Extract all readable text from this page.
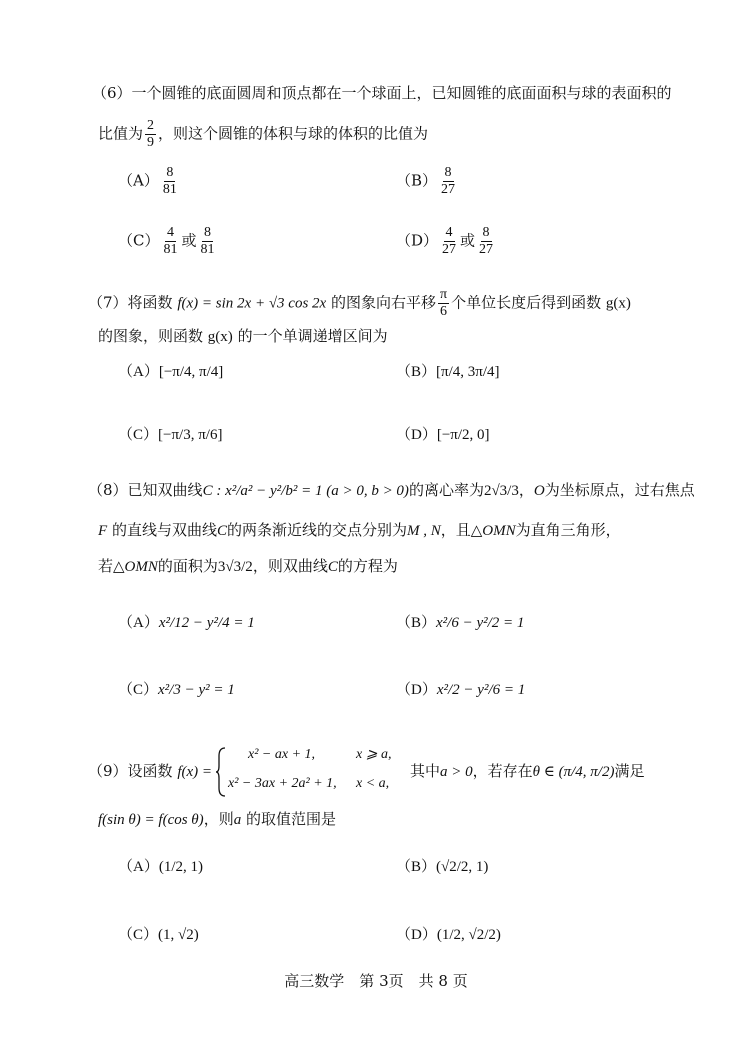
（6）一个圆锥的底面圆周和顶点都在一个球面上，已知圆锥的底面面积与球的表面积的
比值为 $\frac{2}{9}$ ，则这个圆锥的体积与球的体积的比值为
$(A) \frac{8}{81}$	$(B) \frac{8}{27}$
$(C) \frac{4}{81}$ 或 $\frac{8}{81}$	$(D) \frac{4}{27}$ 或 $\frac{8}{27}$
（7）将函数 f(x) = sin 2x + √3 cos 2x 的图象向右平移 $\frac{\pi}{6}$ 个单位长度后得到函数 g(x)
的图象，则函数 g(x) 的一个单调递增区间为
（A）[−π/4, π/4]	（B）[π/4, 3π/4]
（C）[−π/3, π/6]	（D）[−π/2, 0]
（8）已知双曲线C : x²/a² − y²/b² = 1 (a > 0, b > 0)的离心率为2√3/3，O为坐标原点，过右焦点
F 的直线与双曲线C的两条渐近线的交点分别为M , N，且△OMN为直角三角形，
若△OMN的面积为3√3/2，则双曲线C的方程为
（A）x²/12 − y²/4 = 1	（B）x²/6 − y²/2 = 1
（C）x²/3 − y² = 1	（D）x²/2 − y²/6 = 1
（9）设函数 f(x) =
x² − ax + 1,	x ⩾ a,
x² − 3ax + 2a² + 1, x < a,
其中a > 0，若存在θ ∈ (π/4, π/2)满足
f(sin θ) = f(cos θ)，则a 的取值范围是
（A）(1/2, 1)	（B）(√2/2, 1)
（C）(1, √2)	（D）(1/2, √2/2)
高三数学　第 3页　共 8 页
